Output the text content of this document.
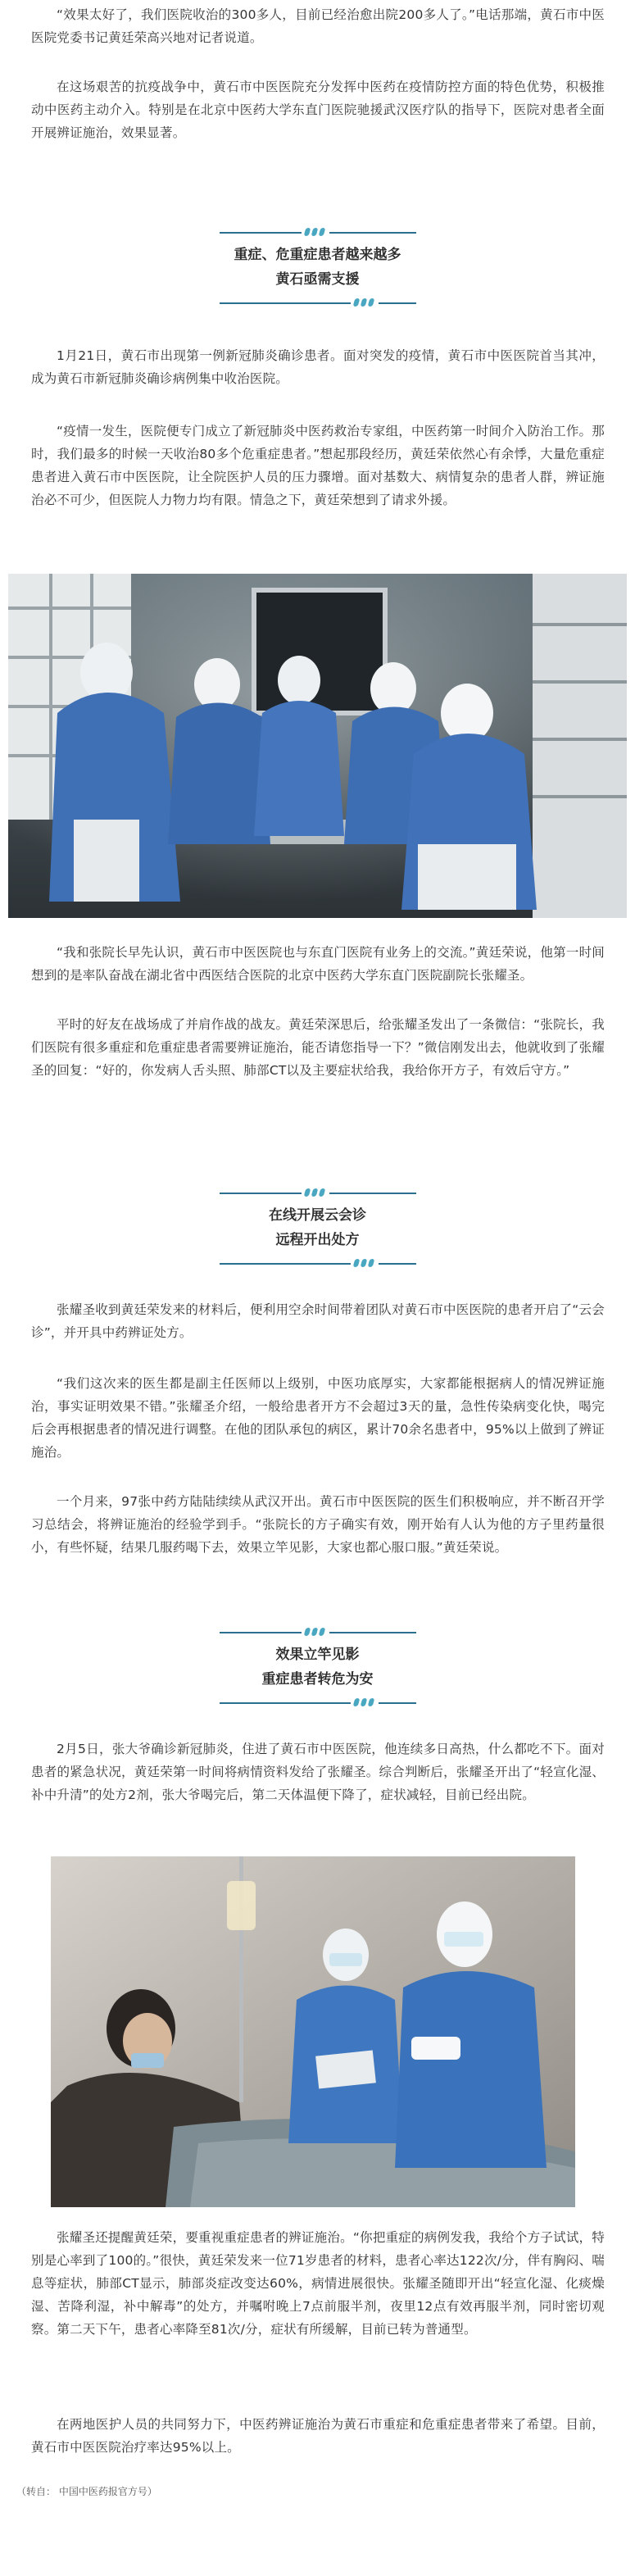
“效果太好了，我们医院收治的300多人，目前已经治愈出院200多人了。”电话那端，黄石市中医医院党委书记黄廷荣高兴地对记者说道。

在这场艰苦的抗疫战争中，黄石市中医医院充分发挥中医药在疫情防控方面的特色优势，积极推动中医药主动介入。特别是在北京中医药大学东直门医院驰援武汉医疗队的指导下，医院对患者全面开展辨证施治，效果显著。

重症、危重症患者越来越多
黄石亟需支援

1月21日，黄石市出现第一例新冠肺炎确诊患者。面对突发的疫情，黄石市中医医院首当其冲，成为黄石市新冠肺炎确诊病例集中收治医院。

“疫情一发生，医院便专门成立了新冠肺炎中医药救治专家组，中医药第一时间介入防治工作。那时，我们最多的时候一天收治80多个危重症患者。”想起那段经历，黄廷荣依然心有余悸，大量危重症患者进入黄石市中医医院，让全院医护人员的压力骤增。面对基数大、病情复杂的患者人群，辨证施治必不可少，但医院人力物力均有限。情急之下，黄廷荣想到了请求外援。

“我和张院长早先认识，黄石市中医医院也与东直门医院有业务上的交流。”黄廷荣说，他第一时间想到的是率队奋战在湖北省中西医结合医院的北京中医药大学东直门医院副院长张耀圣。

平时的好友在战场成了并肩作战的战友。黄廷荣深思后，给张耀圣发出了一条微信：“张院长，我们医院有很多重症和危重症患者需要辨证施治，能否请您指导一下？”微信刚发出去，他就收到了张耀圣的回复：“好的，你发病人舌头照、肺部CT以及主要症状给我，我给你开方子，有效后守方。”

在线开展云会诊
远程开出处方

张耀圣收到黄廷荣发来的材料后，便利用空余时间带着团队对黄石市中医医院的患者开启了“云会诊”，并开具中药辨证处方。

“我们这次来的医生都是副主任医师以上级别，中医功底厚实，大家都能根据病人的情况辨证施治，事实证明效果不错。”张耀圣介绍，一般给患者开方不会超过3天的量，急性传染病变化快，喝完后会再根据患者的情况进行调整。在他的团队承包的病区，累计70余名患者中，95%以上做到了辨证施治。

一个月来，97张中药方陆陆续续从武汉开出。黄石市中医医院的医生们积极响应，并不断召开学习总结会，将辨证施治的经验学到手。“张院长的方子确实有效，刚开始有人认为他的方子里药量很小，有些怀疑，结果几服药喝下去，效果立竿见影，大家也都心服口服。”黄廷荣说。

效果立竿见影
重症患者转危为安

2月5日，张大爷确诊新冠肺炎，住进了黄石市中医医院，他连续多日高热，什么都吃不下。面对患者的紧急状况，黄廷荣第一时间将病情资料发给了张耀圣。综合判断后，张耀圣开出了“轻宣化湿、补中升清”的处方2剂，张大爷喝完后，第二天体温便下降了，症状减轻，目前已经出院。

张耀圣还提醒黄廷荣，要重视重症患者的辨证施治。“你把重症的病例发我，我给个方子试试，特别是心率到了100的。”很快，黄廷荣发来一位71岁患者的材料，患者心率达122次/分，伴有胸闷、喘息等症状，肺部CT显示，肺部炎症改变达60%，病情进展很快。张耀圣随即开出“轻宣化湿、化痰燥湿、苦降利湿，补中解毒”的处方，并嘱咐晚上7点前服半剂，夜里12点有效再服半剂，同时密切观察。第二天下午，患者心率降至81次/分，症状有所缓解，目前已转为普通型。

在两地医护人员的共同努力下，中医药辨证施治为黄石市重症和危重症患者带来了希望。目前，黄石市中医医院治疗率达95%以上。

（转自： 中国中医药报官方号）
